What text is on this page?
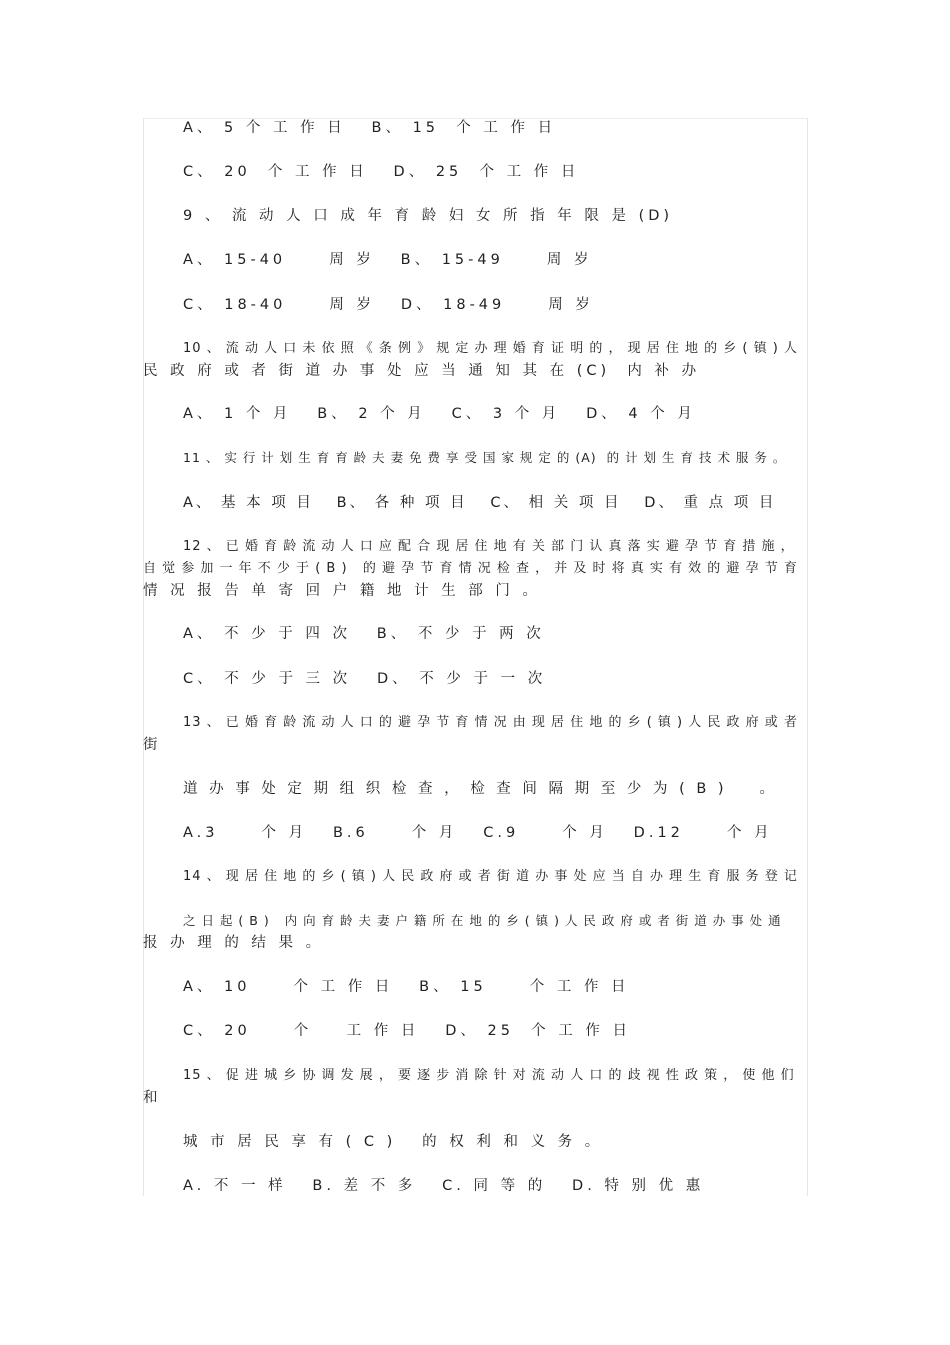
A、 5 个 工 作 日   B、 15  个 工 作 日
C、 20  个 工 作 日   D、 25  个 工 作 日
9 、 流 动 人 口 成 年 育 龄 妇 女 所 指 年 限 是 (D)
A、 15-40     周 岁   B、 15-49     周 岁
C、 18-40     周 岁   D、 18-49     周 岁
10 、 流 动 人 口 未 依 照 《 条 例 》 规 定 办 理 婚 育 证 明 的 ， 现 居 住 地 的 乡 ( 镇 ) 人
民 政 府 或 者 街 道 办 事 处 应 当 通 知 其 在 (C)  内 补 办
A、 1 个 月   B、 2 个 月   C、 3 个 月   D、 4 个 月
11 、 实 行 计 划 生 育 育 龄 夫 妻 免 费 享 受 国 家 规 定 的 (A)  的 计 划 生 育 技 术 服 务 。
A、 基 本 项 目   B、 各 种 项 目   C、 相 关 项 目   D、 重 点 项 目
12 、 已 婚 育 龄 流 动 人 口 应 配 合 现 居 住 地 有 关 部 门 认 真 落 实 避 孕 节 育 措 施 ，
自 觉 参 加 一 年 不 少 于 ( B )   的 避 孕 节 育 情 况 检 查 ， 并 及 时 将 真 实 有 效 的 避 孕 节 育
情 况 报 告 单 寄 回 户 籍 地 计 生 部 门 。
A、 不 少 于 四 次   B、 不 少 于 两 次
C、 不 少 于 三 次   D、 不 少 于 一 次
13 、 已 婚 育 龄 流 动 人 口 的 避 孕 节 育 情 况 由 现 居 住 地 的 乡 ( 镇 ) 人 民 政 府 或 者
街
道 办 事 处 定 期 组 织 检 查 ， 检 查 间 隔 期 至 少 为 ( B )    。
A.3     个 月   B.6     个 月   C.9     个 月   D.12     个 月
14 、 现 居 住 地 的 乡 ( 镇 ) 人 民 政 府 或 者 街 道 办 事 处 应 当 自 办 理 生 育 服 务 登 记
之 日 起 ( B )   内 向 育 龄 夫 妻 户 籍 所 在 地 的 乡 ( 镇 ) 人 民 政 府 或 者 街 道 办 事 处 通
报 办 理 的 结 果 。
A、 10     个 工 作 日   B、 15     个 工 作 日
C、 20     个    工 作 日   D、 25  个 工 作 日
15 、 促 进 城 乡 协 调 发 展 ， 要 逐 步 消 除 针 对 流 动 人 口 的 歧 视 性 政 策 ， 使 他 们
和
城 市 居 民 享 有 ( C )   的 权 利 和 义 务 。
A. 不 一 样   B. 差 不 多   C. 同 等 的   D. 特 别 优 惠
